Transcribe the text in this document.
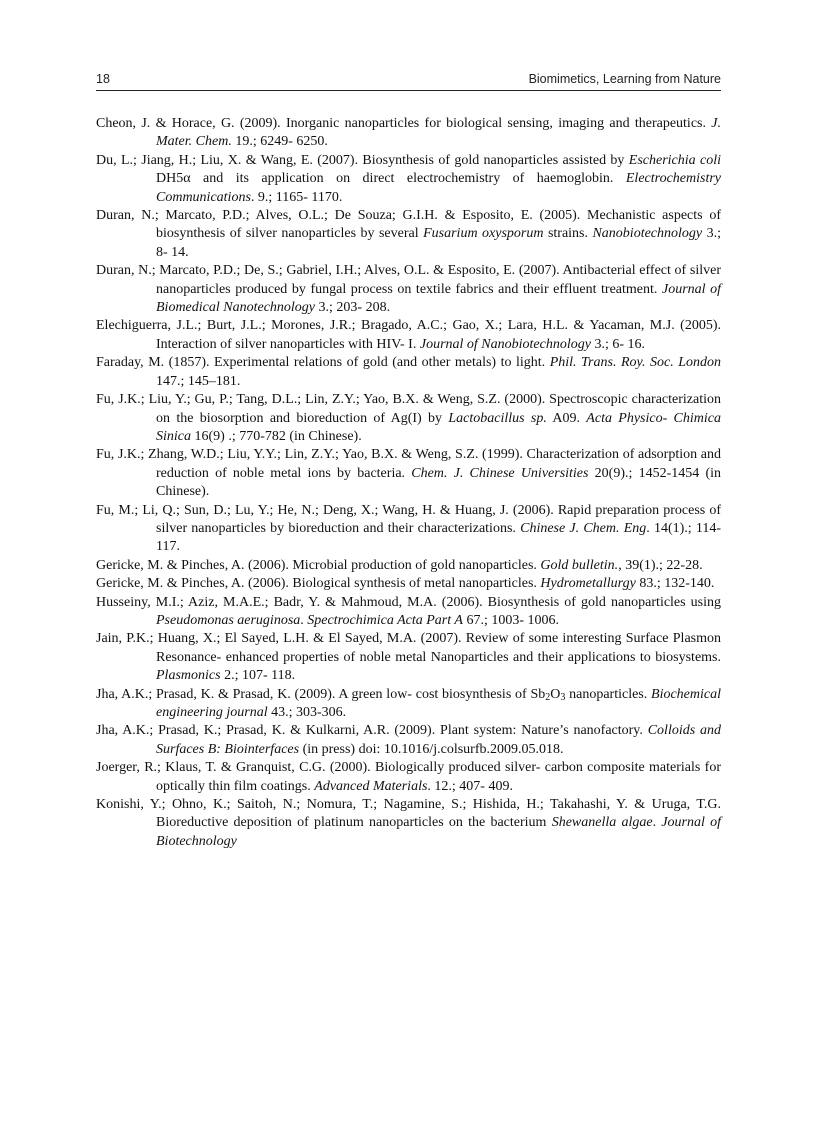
18	Biomimetics, Learning from Nature

Cheon, J. & Horace, G. (2009). Inorganic nanoparticles for biological sensing, imaging and therapeutics. J. Mater. Chem. 19.; 6249- 6250.

Du, L.; Jiang, H.; Liu, X. & Wang, E. (2007). Biosynthesis of gold nanoparticles assisted by Escherichia coli DH5α and its application on direct electrochemistry of haemoglobin. Electrochemistry Communications. 9.; 1165- 1170.

Duran, N.; Marcato, P.D.; Alves, O.L.; De Souza; G.I.H. & Esposito, E. (2005). Mechanistic aspects of biosynthesis of silver nanoparticles by several Fusarium oxysporum strains. Nanobiotechnology 3.; 8- 14.

Duran, N.; Marcato, P.D.; De, S.; Gabriel, I.H.; Alves, O.L. & Esposito, E. (2007). Antibacterial effect of silver nanoparticles produced by fungal process on textile fabrics and their effluent treatment. Journal of Biomedical Nanotechnology 3.; 203- 208.

Elechiguerra, J.L.; Burt, J.L.; Morones, J.R.; Bragado, A.C.; Gao, X.; Lara, H.L. & Yacaman, M.J. (2005). Interaction of silver nanoparticles with HIV- I. Journal of Nanobiotechnology 3.; 6- 16.

Faraday, M. (1857). Experimental relations of gold (and other metals) to light. Phil. Trans. Roy. Soc. London 147.; 145–181.

Fu, J.K.; Liu, Y.; Gu, P.; Tang, D.L.; Lin, Z.Y.; Yao, B.X. & Weng, S.Z. (2000). Spectroscopic characterization on the biosorption and bioreduction of Ag(I) by Lactobacillus sp. A09. Acta Physico- Chimica Sinica 16(9) .; 770-782 (in Chinese).

Fu, J.K.; Zhang, W.D.; Liu, Y.Y.; Lin, Z.Y.; Yao, B.X. & Weng, S.Z. (1999). Characterization of adsorption and reduction of noble metal ions by bacteria. Chem. J. Chinese Universities 20(9).; 1452-1454 (in Chinese).

Fu, M.; Li, Q.; Sun, D.; Lu, Y.; He, N.; Deng, X.; Wang, H. & Huang, J. (2006). Rapid preparation process of silver nanoparticles by bioreduction and their characterizations. Chinese J. Chem. Eng. 14(1).; 114-117.

Gericke, M. & Pinches, A. (2006). Microbial production of gold nanoparticles. Gold bulletin., 39(1).; 22-28.

Gericke, M. & Pinches, A. (2006). Biological synthesis of metal nanoparticles. Hydrometallurgy 83.; 132-140.

Husseiny, M.I.; Aziz, M.A.E.; Badr, Y. & Mahmoud, M.A. (2006). Biosynthesis of gold nanoparticles using Pseudomonas aeruginosa. Spectrochimica Acta Part A 67.; 1003- 1006.

Jain, P.K.; Huang, X.; El Sayed, L.H. & El Sayed, M.A. (2007). Review of some interesting Surface Plasmon Resonance- enhanced properties of noble metal Nanoparticles and their applications to biosystems. Plasmonics 2.; 107- 118.

Jha, A.K.; Prasad, K. & Prasad, K. (2009). A green low- cost biosynthesis of $Sb_2O_3$ nanoparticles. Biochemical engineering journal 43.; 303-306.

Jha, A.K.; Prasad, K.; Prasad, K. & Kulkarni, A.R. (2009). Plant system: Nature’s nanofactory. Colloids and Surfaces B: Biointerfaces (in press) doi: 10.1016/j.colsurfb.2009.05.018.

Joerger, R.; Klaus, T. & Granquist, C.G. (2000). Biologically produced silver- carbon composite materials for optically thin film coatings. Advanced Materials. 12.; 407- 409.

Konishi, Y.; Ohno, K.; Saitoh, N.; Nomura, T.; Nagamine, S.; Hishida, H.; Takahashi, Y. & Uruga, T.G. Bioreductive deposition of platinum nanoparticles on the bacterium Shewanella algae. Journal of Biotechnology
